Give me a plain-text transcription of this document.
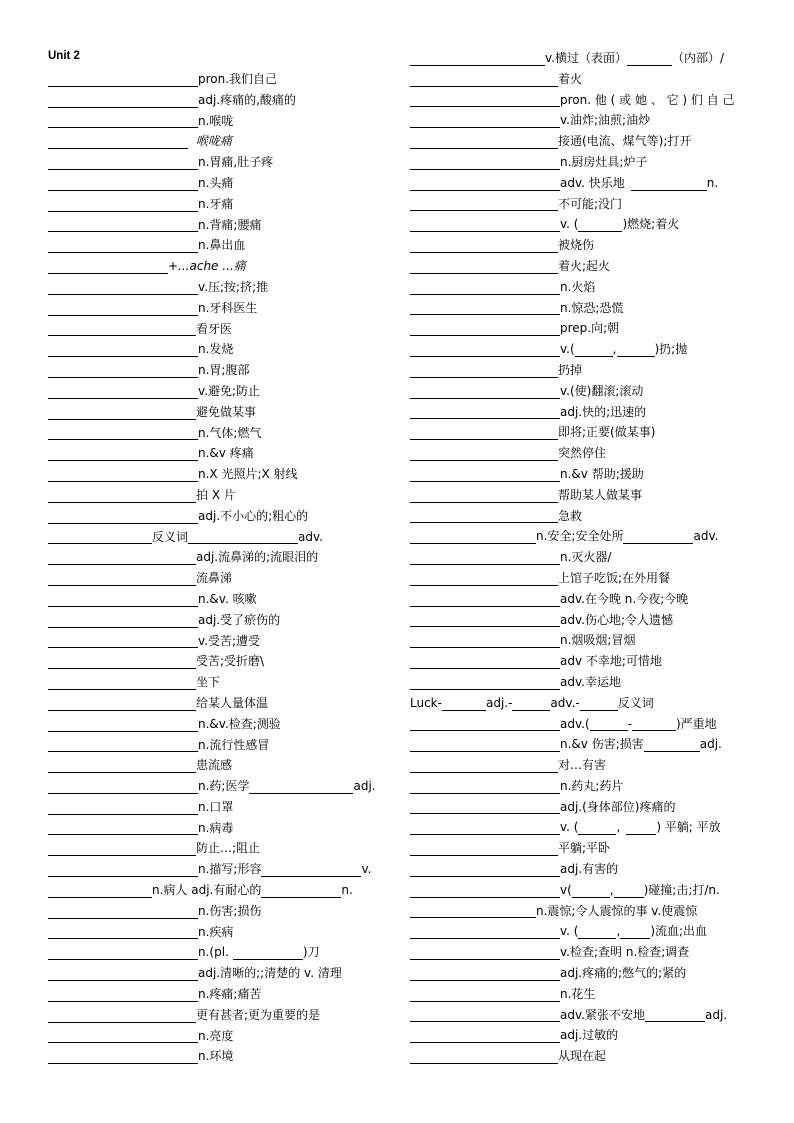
Unit 2
pron.我们自己
adj.疼痛的,酸痛的
n.喉咙
喉咙痛
n.胃痛,肚子疼
n.头痛
n.牙痛
n.背痛;腰痛
n.鼻出血
+...ache ...痛
v.压;按;挤;推
n.牙科医生
看牙医
n.发烧
n.胃;腹部
v.避免;防止
避免做某事
n.气体;燃气
n.&v 疼痛
n.X 光照片;X 射线
拍 X 片
adj.不小心的;粗心的
反义词	adv.
adj.流鼻涕的;流眼泪的
流鼻涕
n.&v. 咳嗽
adj.受了瘀伤的
v.受苦;遭受
受苦;受折磨\
坐下
给某人量体温
n.&v.检查;测验
n.流行性感冒
患流感
n.药;医学	adj.
n.口罩
n.病毒
防止…;阻止
n.描写;形容	v.
n.病人 adj.有耐心的	n.
n.伤害;损伤
n.疾病
n.(pl.	)刀
adj.清晰的;;清楚的 v. 清理
n.疼痛;痛苦
更有甚者;更为重要的是
n.亮度
n.环境
v.横过（表面）	（内部）/
着火
pron. 他 ( 或 她 、 它 ) 们 自 己
v.油炸;油煎;油炒
接通(电流、煤气等);打开
n.厨房灶具;炉子
adv. 快乐地	n.
不可能;没门
v. (	)燃烧;着火
被烧伤
着火;起火
n.火焰
n.惊恐;恐慌
prep.向;朝
v.(	,	)扔;抛
扔掉
v.(使)翻滚;滚动
adj.快的;迅速的
即将;正要(做某事)
突然停住
n.&v 帮助;援助
帮助某人做某事
急救
n.安全;安全处所	adv.
n.灭火器/
上馆子吃饭;在外用餐
adv.在今晚 n.今夜;今晚
adv.伤心地;令人遗憾
n.烟吸烟;冒烟
adv 不幸地;可惜地
adv.幸运地
Luck-	adj.-	adv.-	反义词
adv.(	-	)严重地
n.&v 伤害;损害	adj.
对…有害
n.药丸;药片
adj.(身体部位)疼痛的
v. (	,	) 平躺; 平放
平躺;平卧
adj.有害的
v(	,	)碰撞;击;打/n.
n.震惊;令人震惊的事 v.使震惊
v. (	,	)流血;出血
v.检查;查明 n.检查;调查
adj.疼痛的;憋气的;紧的
n.花生
adv.紧张不安地	adj.
adj.过敏的
从现在起
